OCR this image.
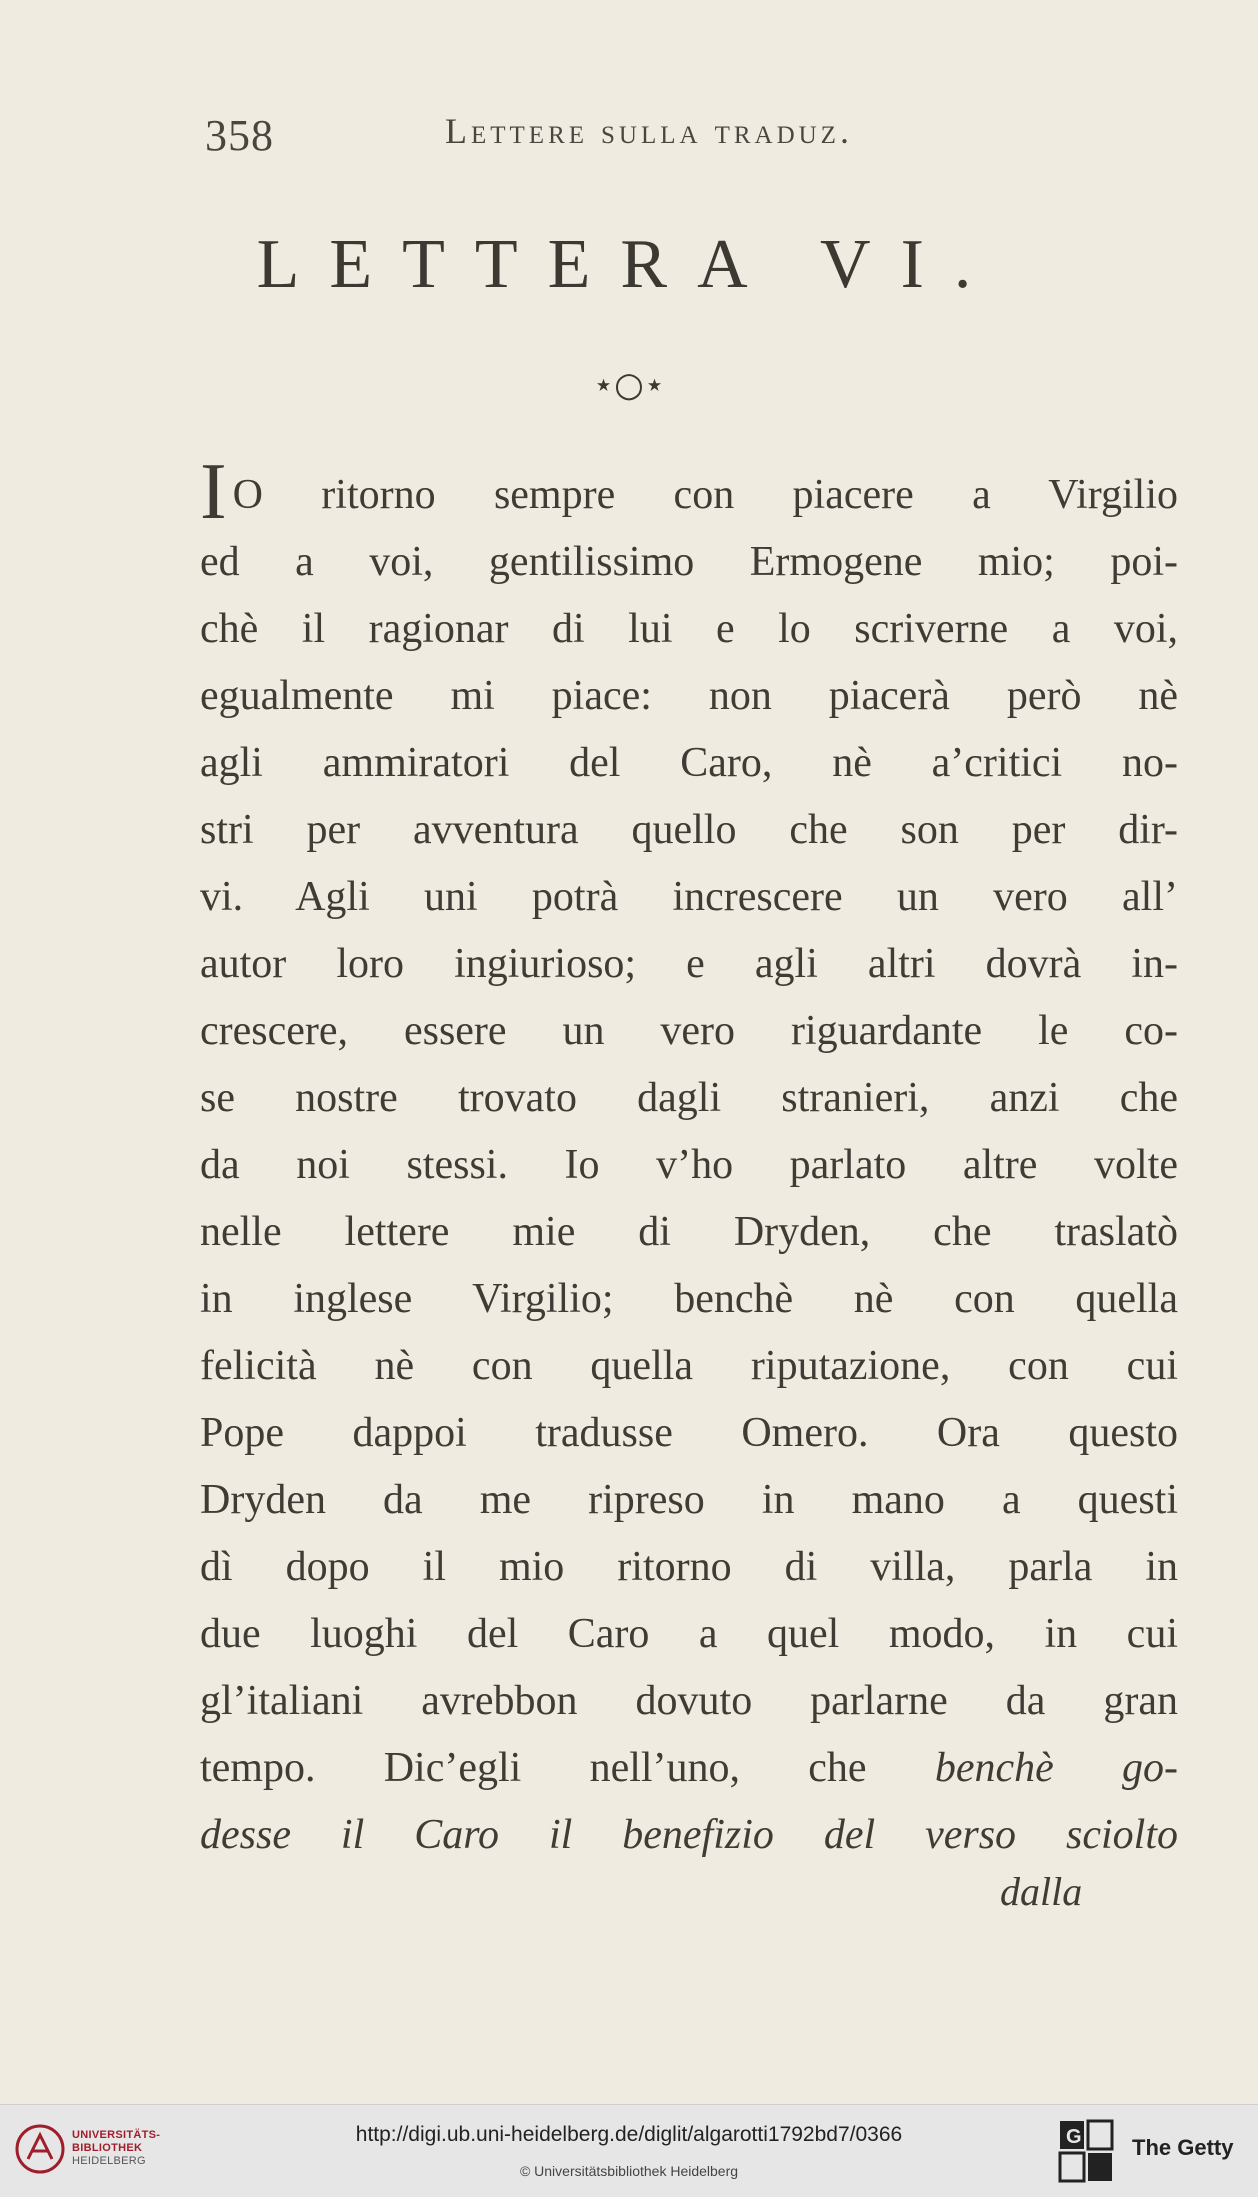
358	Lettere sulla traduz.
LETTERA VI.
⋆○⋆
I O ritorno sempre con piacere a Virgilio
ed a voi, gentilissimo Ermogene mio; poi-
chè il ragionar di lui e lo scriverne a voi,
egualmente mi piace: non piacerà però nè
agli ammiratori del Caro, nè a’critici no-
stri per avventura quello che son per dir-
vi. Agli uni potrà increscere un vero all’
autor loro ingiurioso; e agli altri dovrà in-
crescere, essere un vero riguardante le co-
se nostre trovato dagli stranieri, anzi che
da noi stessi. Io v’ho parlato altre volte
nelle lettere mie di Dryden, che traslatò
in inglese Virgilio; benchè nè con quella
felicità nè con quella riputazione, con cui
Pope dappoi tradusse Omero. Ora questo
Dryden da me ripreso in mano a questi
dì dopo il mio ritorno di villa, parla in
due luoghi del Caro a quel modo, in cui
gl’italiani avrebbon dovuto parlarne da gran
tempo. Dic’egli nell’uno, che benchè go-
desse il Caro il benefizio del verso sciolto
dalla
UNIVERSITÄTS-
BIBLIOTHEK
HEIDELBERG
http://digi.ub.uni-heidelberg.de/diglit/algarotti1792bd7/0366
© Universitätsbibliothek Heidelberg
G The Getty
